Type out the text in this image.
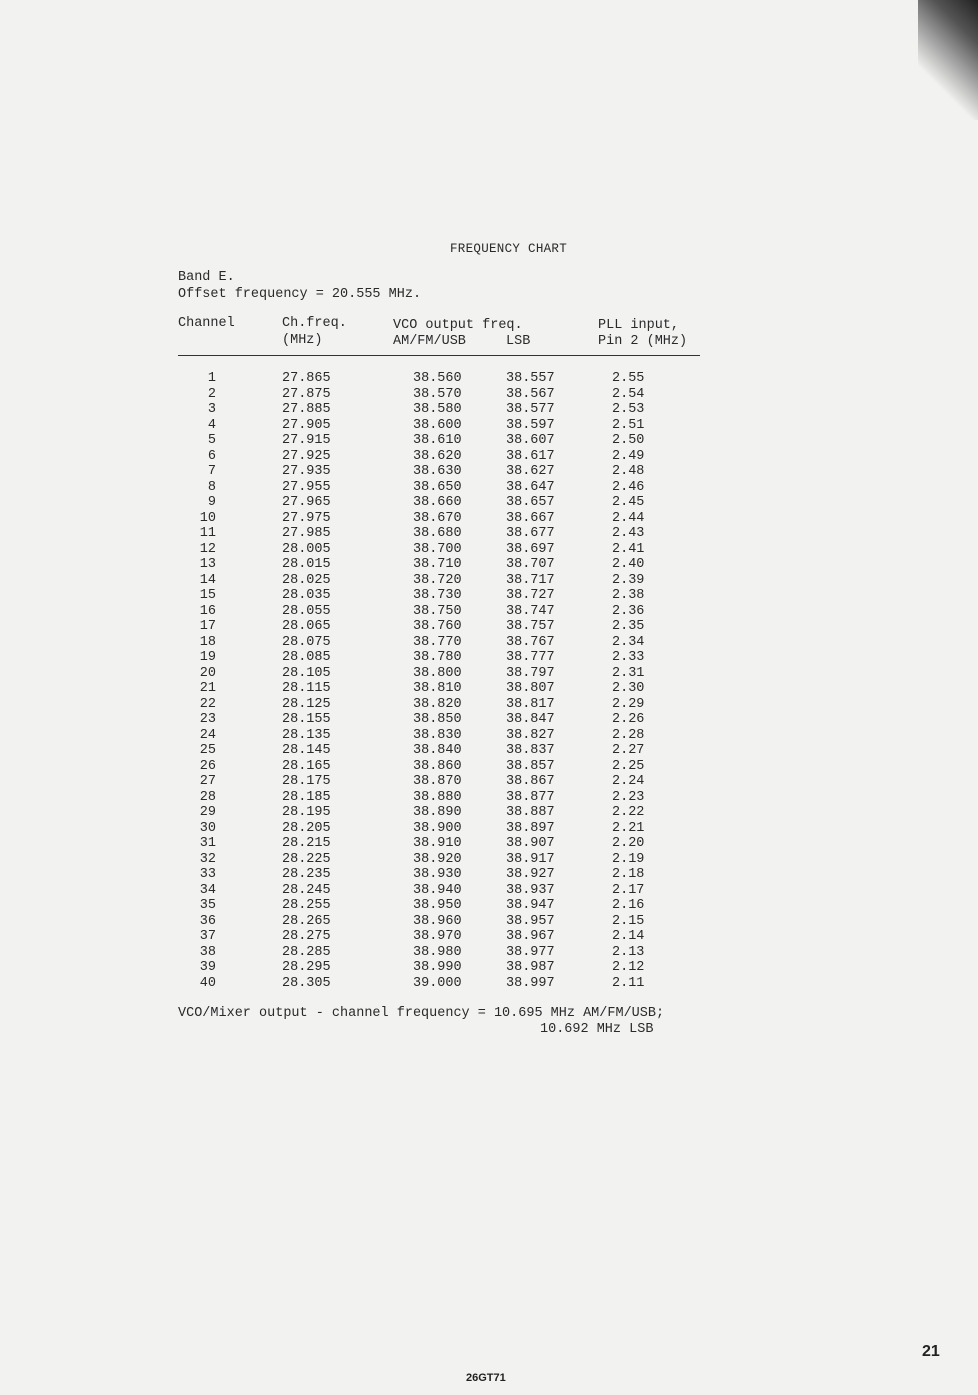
FREQUENCY CHART
Band E.
Offset frequency = 20.555 MHz.
Channel	Ch.freq.
(MHz)
VCO output freq.
AM/FM/USB	LSB
PLL input,
Pin 2 (MHz)
1	27.865	38.560	38.557	2.55
2	27.875	38.570	38.567	2.54
3	27.885	38.580	38.577	2.53
4	27.905	38.600	38.597	2.51
5	27.915	38.610	38.607	2.50
6	27.925	38.620	38.617	2.49
7	27.935	38.630	38.627	2.48
8	27.955	38.650	38.647	2.46
9	27.965	38.660	38.657	2.45
10	27.975	38.670	38.667	2.44
11	27.985	38.680	38.677	2.43
12	28.005	38.700	38.697	2.41
13	28.015	38.710	38.707	2.40
14	28.025	38.720	38.717	2.39
15	28.035	38.730	38.727	2.38
16	28.055	38.750	38.747	2.36
17	28.065	38.760	38.757	2.35
18	28.075	38.770	38.767	2.34
19	28.085	38.780	38.777	2.33
20	28.105	38.800	38.797	2.31
21	28.115	38.810	38.807	2.30
22	28.125	38.820	38.817	2.29
23	28.155	38.850	38.847	2.26
24	28.135	38.830	38.827	2.28
25	28.145	38.840	38.837	2.27
26	28.165	38.860	38.857	2.25
27	28.175	38.870	38.867	2.24
28	28.185	38.880	38.877	2.23
29	28.195	38.890	38.887	2.22
30	28.205	38.900	38.897	2.21
31	28.215	38.910	38.907	2.20
32	28.225	38.920	38.917	2.19
33	28.235	38.930	38.927	2.18
34	28.245	38.940	38.937	2.17
35	28.255	38.950	38.947	2.16
36	28.265	38.960	38.957	2.15
37	28.275	38.970	38.967	2.14
38	28.285	38.980	38.977	2.13
39	28.295	38.990	38.987	2.12
40	28.305	39.000	38.997	2.11
VCO/Mixer output - channel frequency = 10.695 MHz AM/FM/USB;
10.692 MHz LSB
21
26GT71
